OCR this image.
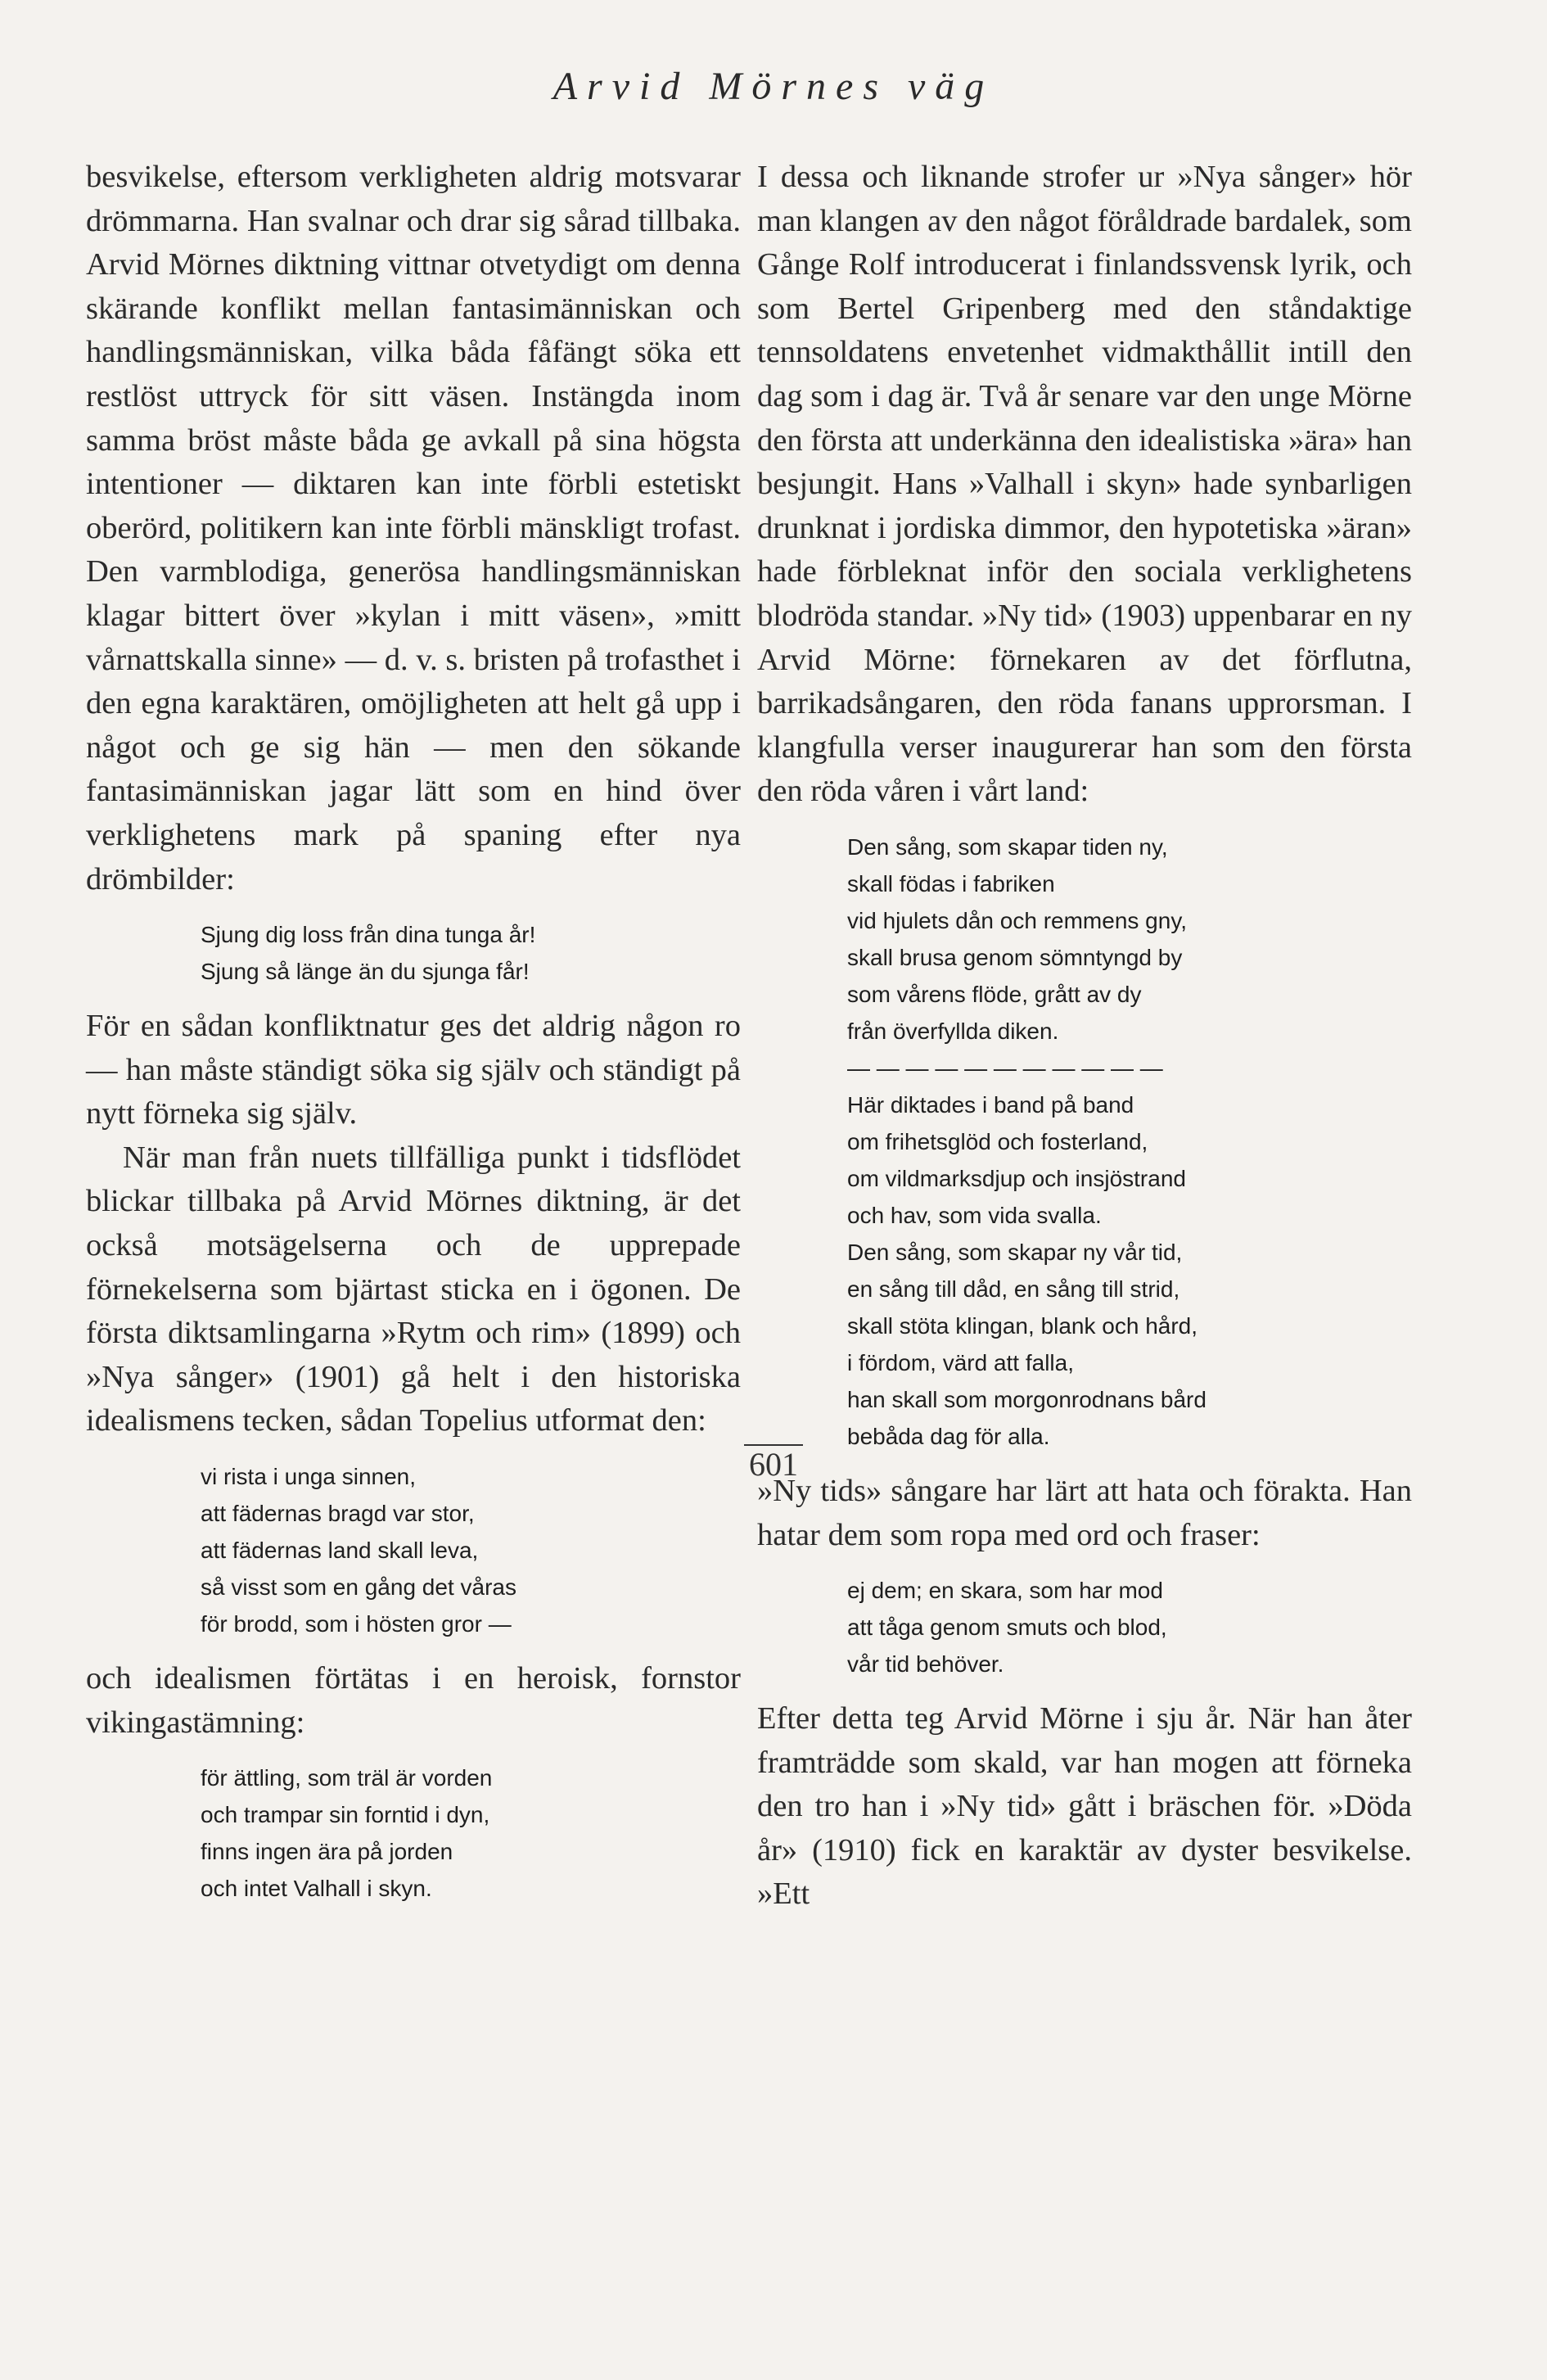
Arvid Mörnes väg

besvikelse, eftersom verkligheten aldrig motsvarar drömmarna. Han svalnar och drar sig sårad tillbaka. Arvid Mörnes diktning vittnar otvetydigt om denna skärande konflikt mellan fantasimänniskan och handlingsmänniskan, vilka båda fåfängt söka ett restlöst uttryck för sitt väsen. Instängda inom samma bröst måste båda ge avkall på sina högsta intentioner — diktaren kan inte förbli estetiskt oberörd, politikern kan inte förbli mänskligt trofast. Den varmblodiga, generösa handlingsmänniskan klagar bittert över »kylan i mitt väsen», »mitt vårnattskalla sinne» — d. v. s. bristen på trofasthet i den egna karaktären, omöjligheten att helt gå upp i något och ge sig hän — men den sökande fantasimänniskan jagar lätt som en hind över verklighetens mark på spaning efter nya drömbilder:

Sjung dig loss från dina tunga år!
Sjung så länge än du sjunga får!

För en sådan konfliktnatur ges det aldrig någon ro — han måste ständigt söka sig själv och ständigt på nytt förneka sig själv.

När man från nuets tillfälliga punkt i tidsflödet blickar tillbaka på Arvid Mörnes diktning, är det också motsägelserna och de upprepade förnekelserna som bjärtast sticka en i ögonen. De första diktsamlingarna »Rytm och rim» (1899) och »Nya sånger» (1901) gå helt i den historiska idealismens tecken, sådan Topelius utformat den:

vi rista i unga sinnen,
att fädernas bragd var stor,
att fädernas land skall leva,
så visst som en gång det våras
för brodd, som i hösten gror —

och idealismen förtätas i en heroisk, fornstor vikingastämning:

för ättling, som träl är vorden
och trampar sin forntid i dyn,
finns ingen ära på jorden
och intet Valhall i skyn.

I dessa och liknande strofer ur »Nya sånger» hör man klangen av den något föråldrade bardalek, som Gånge Rolf introducerat i finlandssvensk lyrik, och som Bertel Gripenberg med den ståndaktige tennsoldatens envetenhet vidmakthållit intill den dag som i dag är. Två år senare var den unge Mörne den första att underkänna den idealistiska »ära» han besjungit. Hans »Valhall i skyn» hade synbarligen drunknat i jordiska dimmor, den hypotetiska »äran» hade förbleknat inför den sociala verklighetens blodröda standar. »Ny tid» (1903) uppenbarar en ny Arvid Mörne: förnekaren av det förflutna, barrikadsångaren, den röda fanans upprorsman. I klangfulla verser inaugurerar han som den första den röda våren i vårt land:

Den sång, som skapar tiden ny,
skall födas i fabriken
vid hjulets dån och remmens gny,
skall brusa genom sömntyngd by
som vårens flöde, grått av dy
från överfyllda diken.
— — — — — — — — — — —
Här diktades i band på band
om frihetsglöd och fosterland,
om vildmarksdjup och insjöstrand
och hav, som vida svalla.
Den sång, som skapar ny vår tid,
en sång till dåd, en sång till strid,
skall stöta klingan, blank och hård,
i fördom, värd att falla,
han skall som morgonrodnans bård
bebåda dag för alla.

»Ny tids» sångare har lärt att hata och förakta. Han hatar dem som ropa med ord och fraser:

ej dem; en skara, som har mod
att tåga genom smuts och blod,
vår tid behöver.

Efter detta teg Arvid Mörne i sju år. När han åter framträdde som skald, var han mogen att förneka den tro han i »Ny tid» gått i bräschen för. »Döda år» (1910) fick en karaktär av dyster besvikelse. »Ett

601
